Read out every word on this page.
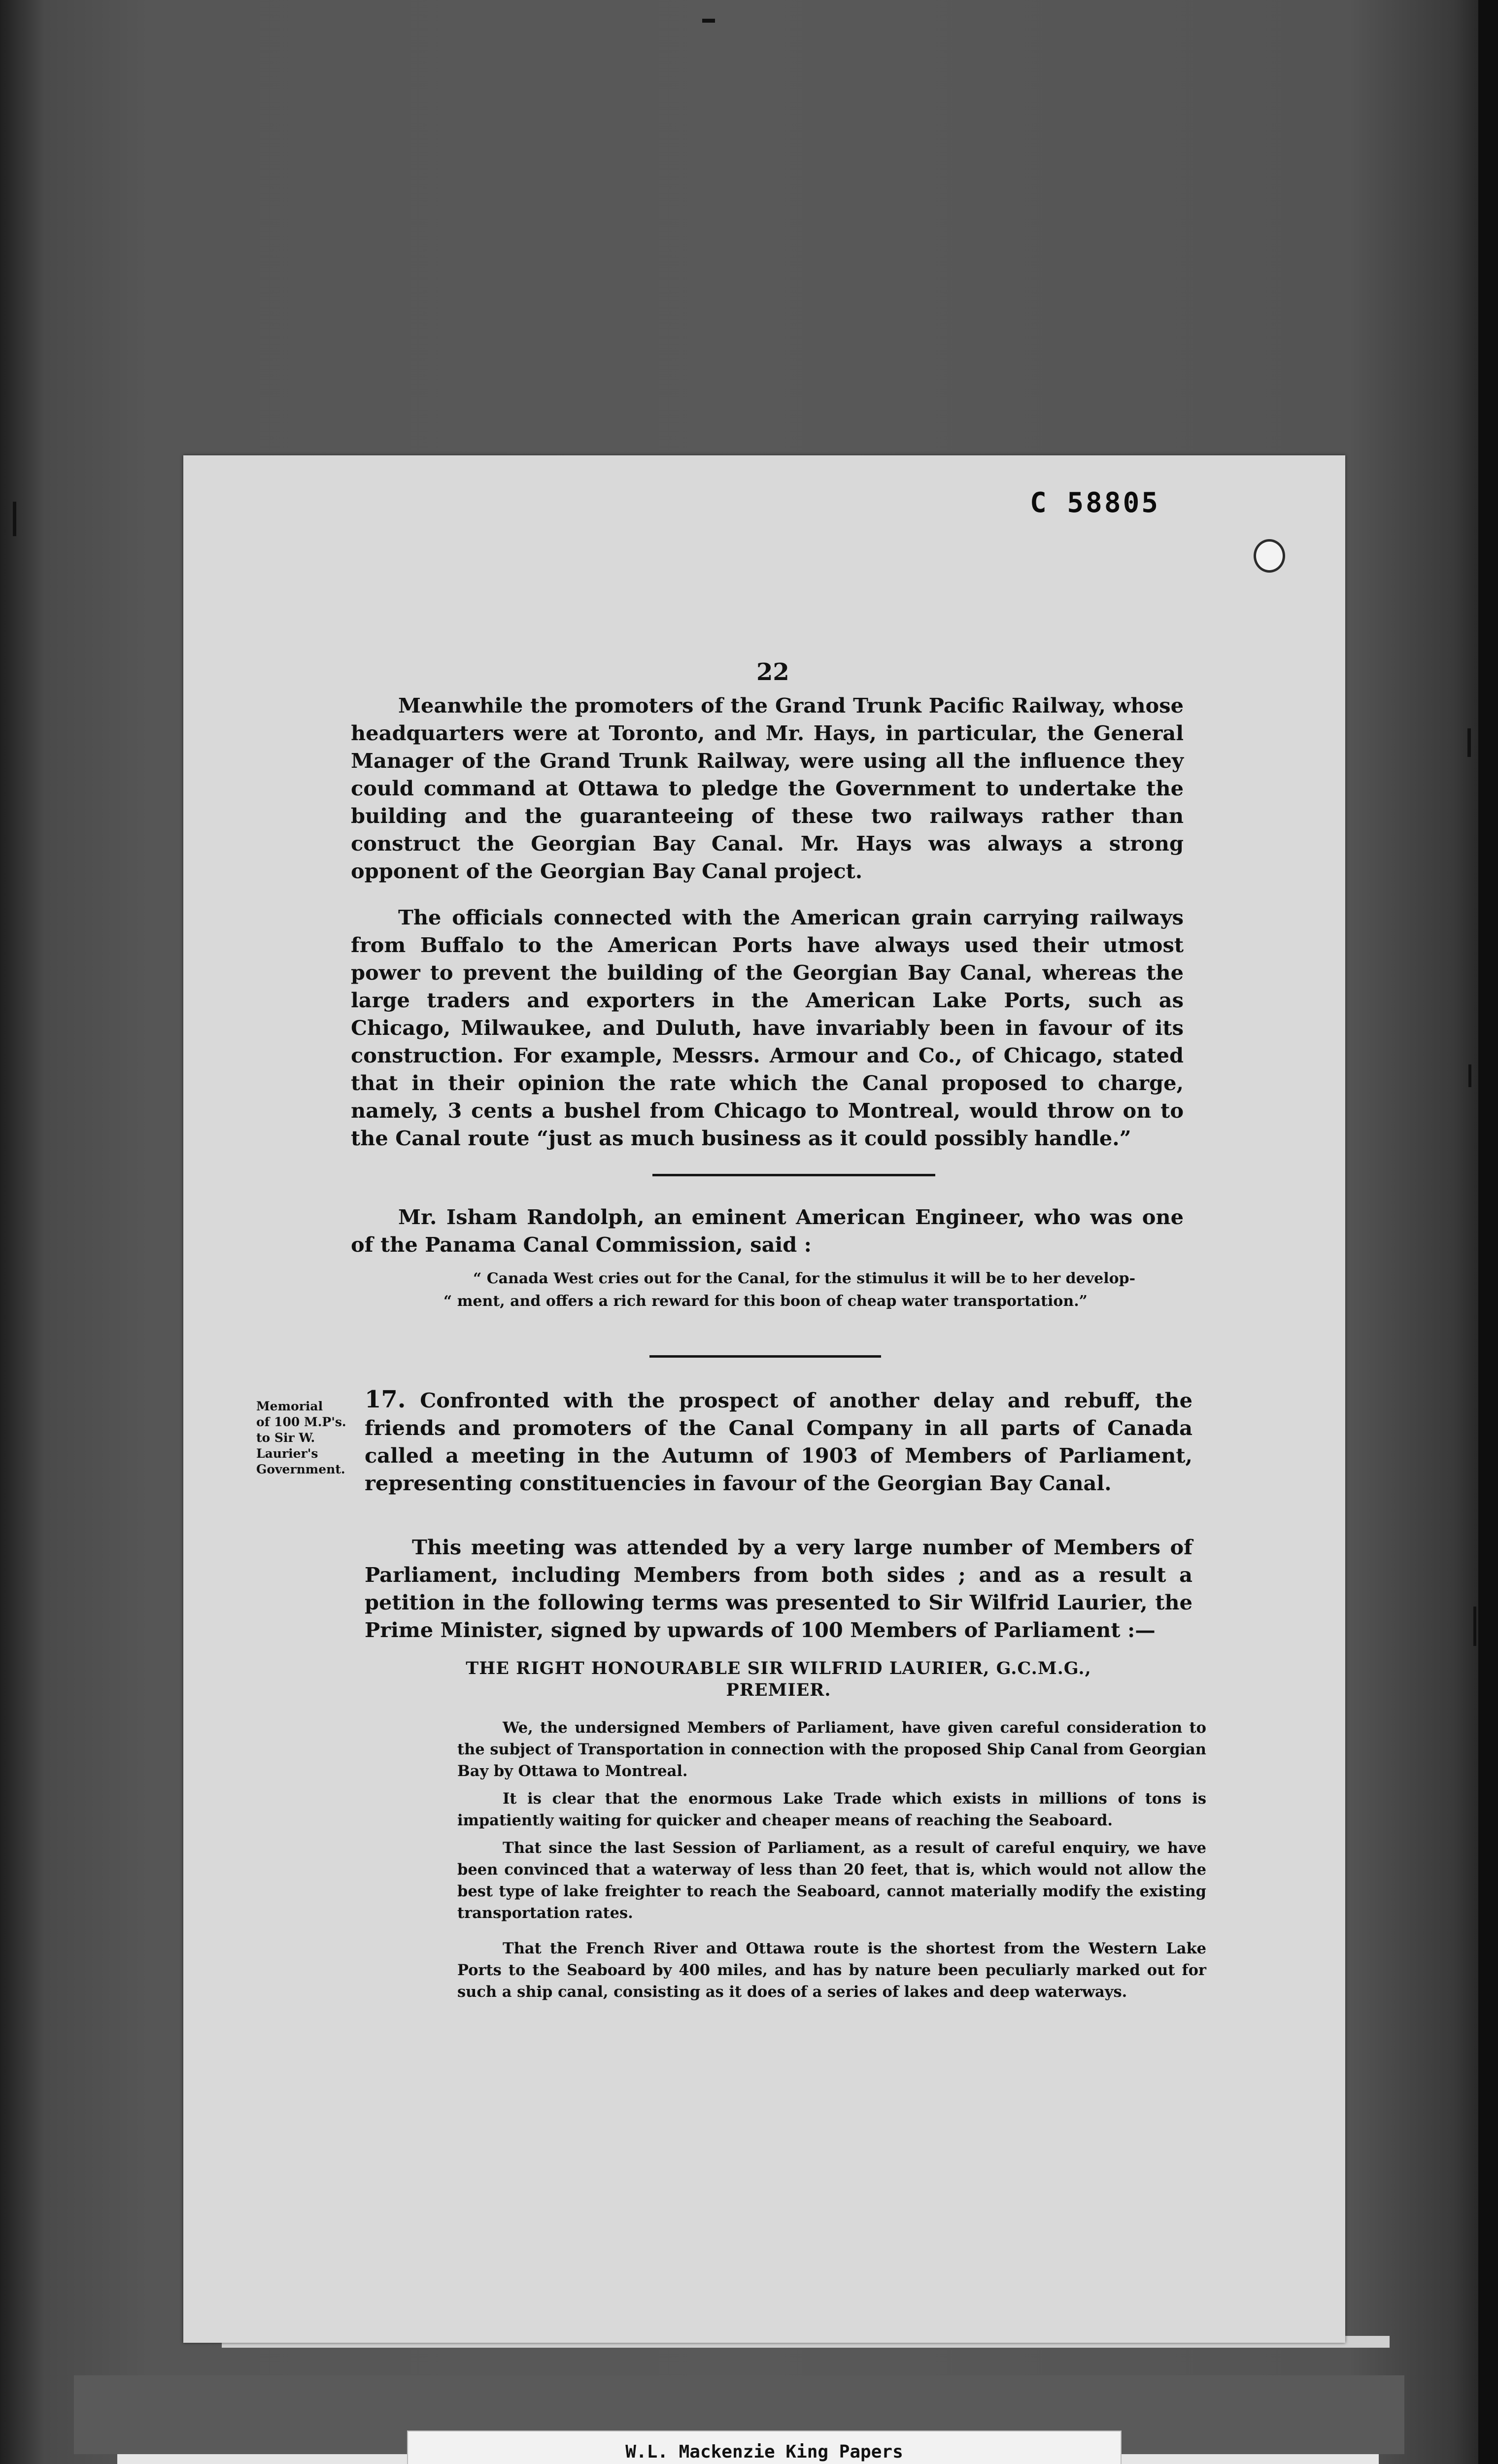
C 58805
22

Meanwhile the promoters of the Grand Trunk Pacific Railway, whose headquarters were at Toronto, and Mr. Hays, in particular, the General Manager of the Grand Trunk Railway, were using all the influence they could command at Ottawa to pledge the Government to undertake the building and the guaranteeing of these two railways rather than construct the Georgian Bay Canal. Mr. Hays was always a strong opponent of the Georgian Bay Canal project.

The officials connected with the American grain carrying railways from Buffalo to the American Ports have always used their utmost power to prevent the building of the Georgian Bay Canal, whereas the large traders and exporters in the American Lake Ports, such as Chicago, Milwaukee, and Duluth, have invariably been in favour of its construction. For example, Messrs. Armour and Co., of Chicago, stated that in their opinion the rate which the Canal proposed to charge, namely, 3 cents a bushel from Chicago to Montreal, would throw on to the Canal route “just as much business as it could possibly handle.”

Mr. Isham Randolph, an eminent American Engineer, who was one of the Panama Canal Commission, said :

“ Canada West cries out for the Canal, for the stimulus it will be to her develop-

“ ment, and offers a rich reward for this boon of cheap water transportation.”

Memorial
of 100 M.P's.
to Sir W.
Laurier's
Government.

17. Confronted with the prospect of another delay and rebuff, the friends and promoters of the Canal Company in all parts of Canada called a meeting in the Autumn of 1903 of Members of Parliament, representing constituencies in favour of the Georgian Bay Canal.

This meeting was attended by a very large number of Members of Parliament, including Members from both sides ; and as a result a petition in the following terms was presented to Sir Wilfrid Laurier, the Prime Minister, signed by upwards of 100 Members of Parliament :—

THE RIGHT HONOURABLE SIR WILFRID LAURIER, G.C.M.G.,

PREMIER.

We, the undersigned Members of Parliament, have given careful consideration to the subject of Transportation in connection with the proposed Ship Canal from Georgian Bay by Ottawa to Montreal.

It is clear that the enormous Lake Trade which exists in millions of tons is impatiently waiting for quicker and cheaper means of reaching the Seaboard.

That since the last Session of Parliament, as a result of careful enquiry, we have been convinced that a waterway of less than 20 feet, that is, which would not allow the best type of lake freighter to reach the Seaboard, cannot materially modify the existing transportation rates.

That the French River and Ottawa route is the shortest from the Western Lake Ports to the Seaboard by 400 miles, and has by nature been peculiarly marked out for such a ship canal, consisting as it does of a series of lakes and deep waterways.

W.L. Mackenzie King Papers
